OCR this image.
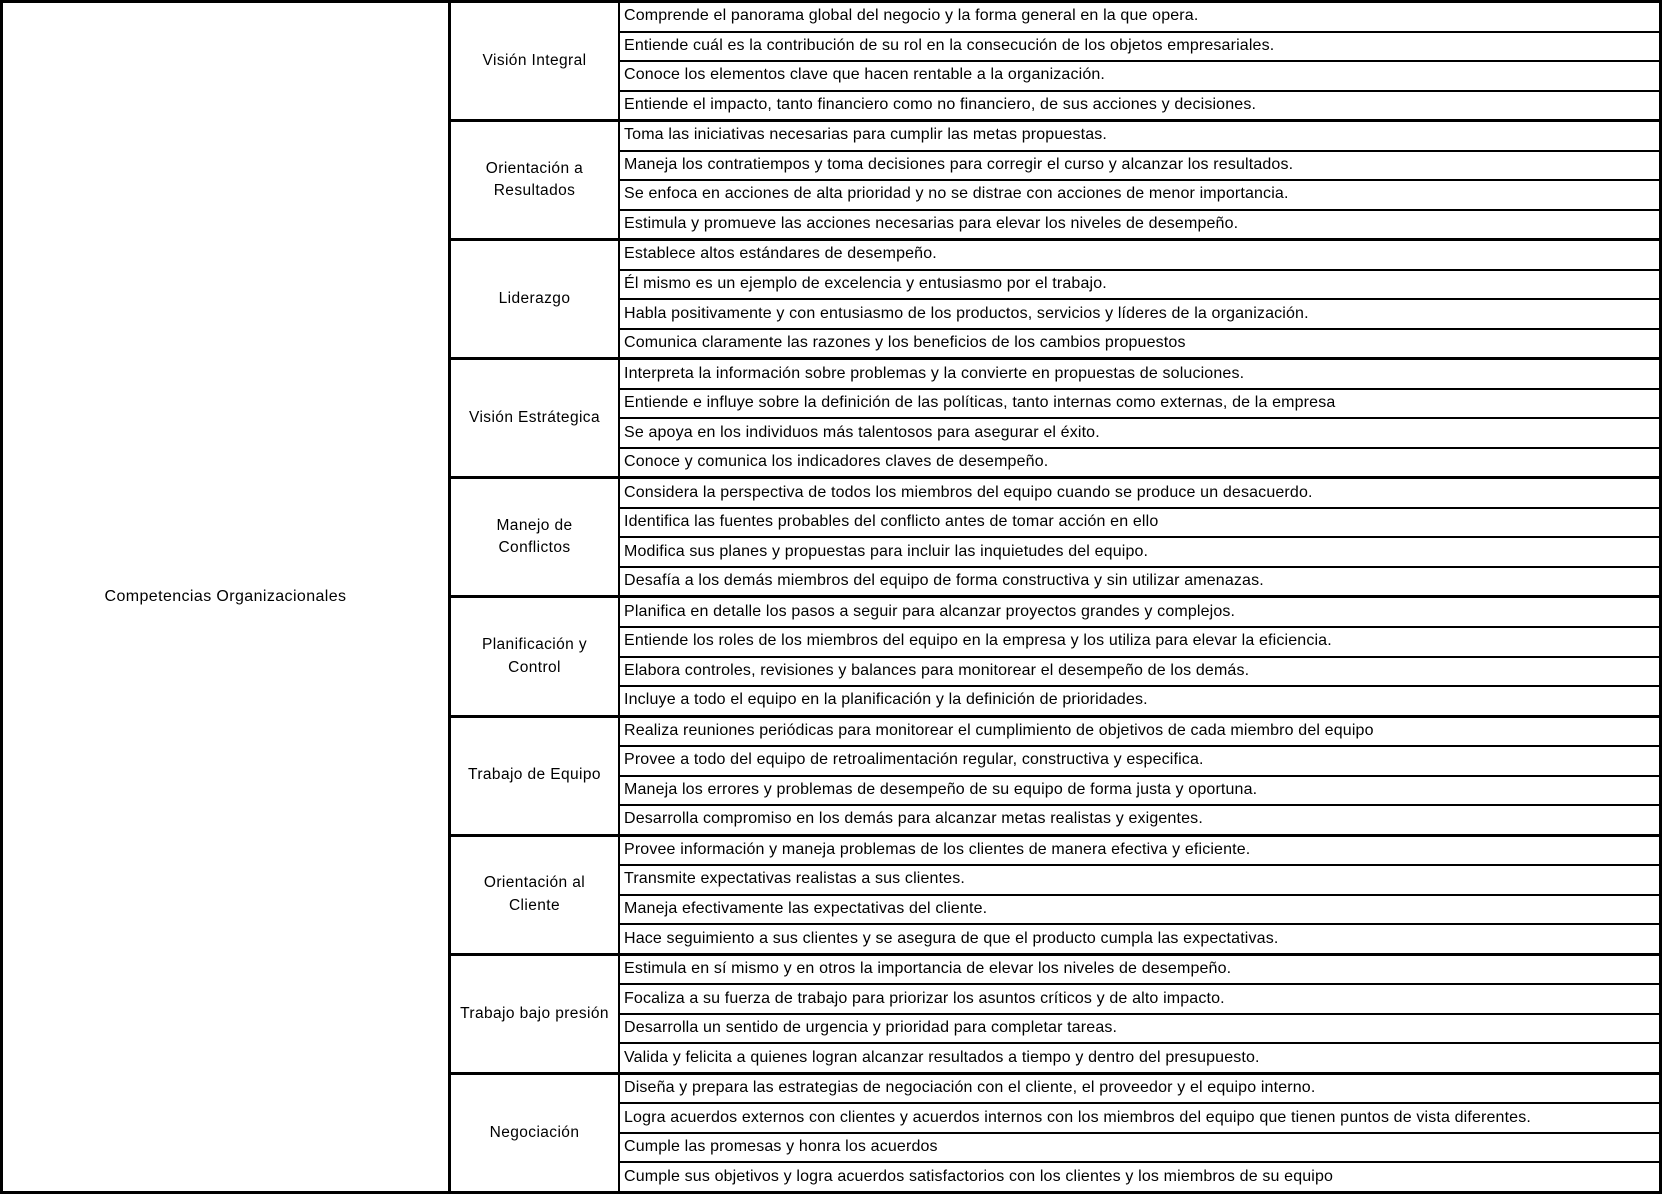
Competencias Organizacionales
Visión Integral
Comprende el panorama global del negocio y la forma general en la que opera.
Entiende cuál es la contribución de su rol en la consecución de los objetos empresariales.
Conoce los elementos clave que hacen rentable a la organización.
Entiende el impacto, tanto financiero como no financiero, de sus acciones y decisiones.
Orientación a Resultados
Toma las iniciativas necesarias para cumplir las metas propuestas.
Maneja los contratiempos y toma decisiones para corregir el curso y alcanzar los resultados.
Se enfoca en acciones de alta prioridad y no se distrae con acciones de menor importancia.
Estimula y promueve las acciones necesarias para elevar los niveles de desempeño.
Liderazgo
Establece altos estándares de desempeño.
Él mismo es un ejemplo de excelencia y entusiasmo por el trabajo.
Habla positivamente y con entusiasmo de los productos, servicios y líderes de la organización.
Comunica claramente las razones y los beneficios de los cambios propuestos
Visión Estrátegica
Interpreta la información sobre problemas y la convierte en propuestas de soluciones.
Entiende e influye sobre la definición de las políticas, tanto internas como externas, de la empresa
Se apoya en los individuos más talentosos para asegurar el éxito.
Conoce y comunica los indicadores claves de desempeño.
Manejo de Conflictos
Considera la perspectiva de todos los miembros del equipo cuando se produce un desacuerdo.
Identifica las fuentes probables del conflicto antes de tomar acción en ello
Modifica sus planes y propuestas para incluir las inquietudes del equipo.
Desafía a los demás miembros del equipo de forma constructiva y sin utilizar amenazas.
Planificación y Control
Planifica en detalle los pasos a seguir para alcanzar proyectos grandes y complejos.
Entiende los roles de los miembros del equipo en la empresa y los utiliza para elevar la eficiencia.
Elabora controles, revisiones y balances para monitorear el desempeño de los demás.
Incluye a todo el equipo en la planificación y la definición de prioridades.
Trabajo de Equipo
Realiza reuniones periódicas para monitorear el cumplimiento de objetivos de cada miembro del equipo
Provee a todo del equipo de retroalimentación regular, constructiva y especifica.
Maneja los errores y problemas de desempeño de su equipo de forma justa y oportuna.
Desarrolla compromiso en los demás para alcanzar metas realistas y exigentes.
Orientación al Cliente
Provee información y maneja problemas de los clientes de manera efectiva y eficiente.
Transmite expectativas realistas a sus clientes.
Maneja efectivamente las expectativas del cliente.
Hace seguimiento a sus clientes y se asegura de que el producto cumpla las expectativas.
Trabajo bajo presión
Estimula en sí mismo y en otros la importancia de elevar los niveles de desempeño.
Focaliza a su fuerza de trabajo para priorizar los asuntos críticos y de alto impacto.
Desarrolla un sentido de urgencia y prioridad para completar tareas.
Valida y felicita a quienes logran alcanzar resultados a tiempo y dentro del presupuesto.
Negociación
Diseña y prepara las estrategias de negociación con el cliente, el proveedor y el equipo interno.
Logra acuerdos externos con clientes y acuerdos internos con los miembros del equipo que tienen puntos de vista diferentes.
Cumple las promesas y honra los acuerdos
Cumple sus objetivos y logra acuerdos satisfactorios con los clientes y los miembros de su equipo
